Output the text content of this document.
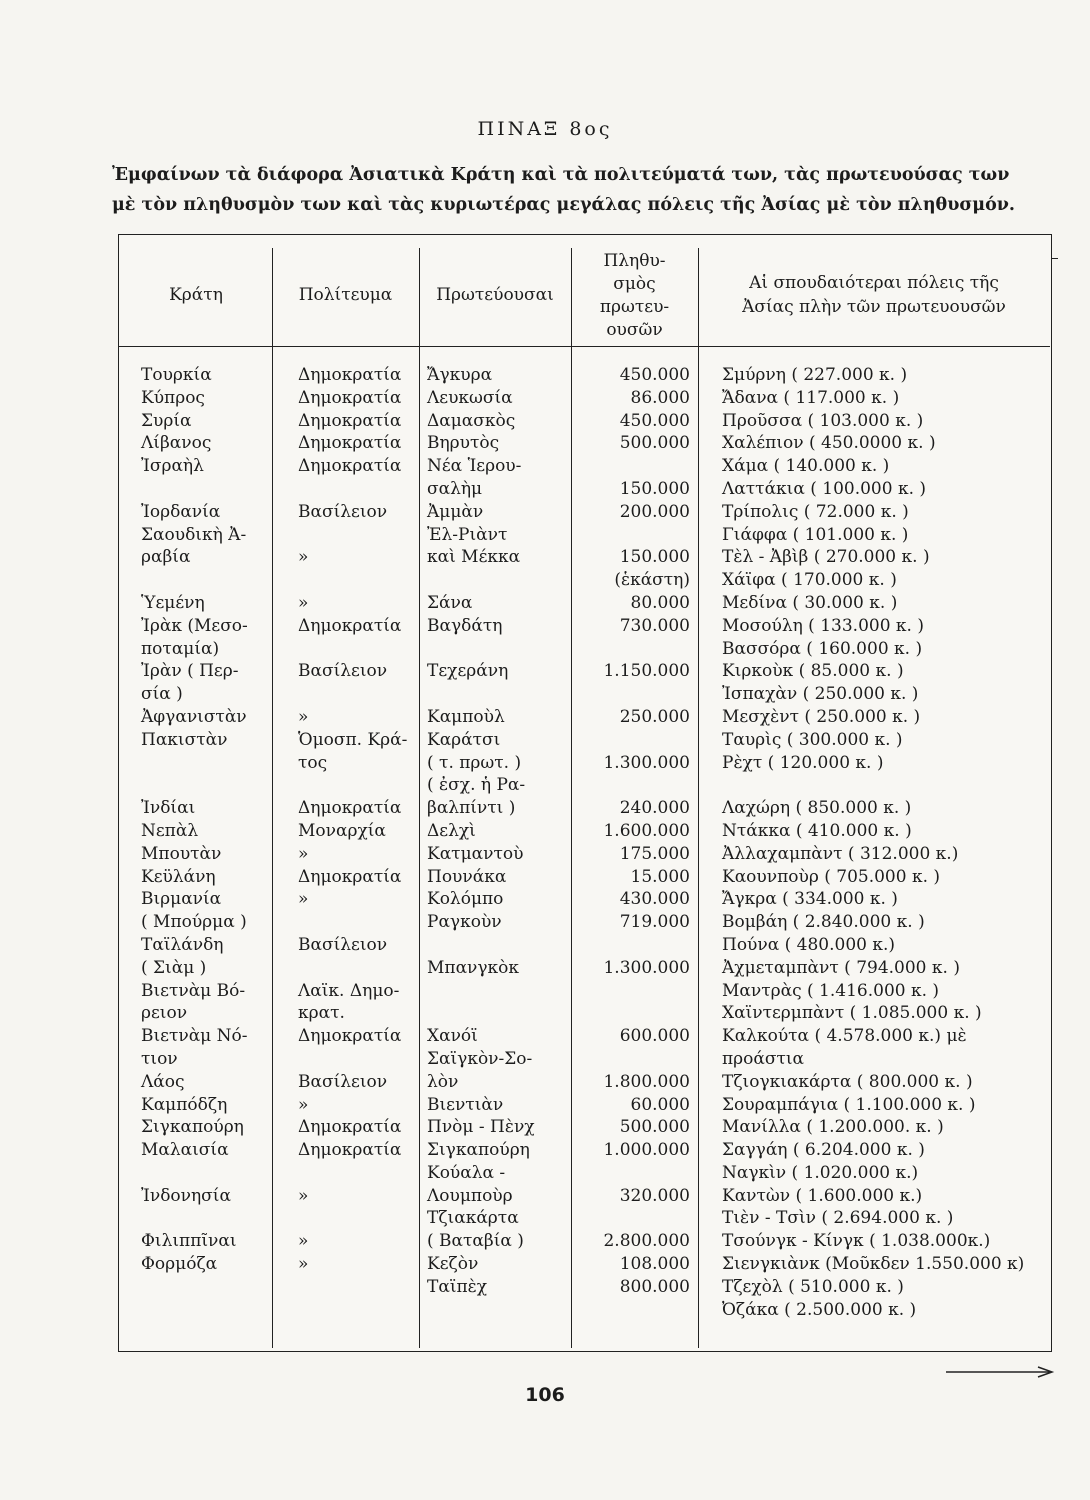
ΠΙΝΑΞ 8ος
Ἐμφαίνων τὰ διάφορα Ἀσιατικὰ Κράτη καὶ τὰ πολιτεύματά των, τὰς πρωτευούσας των
μὲ τὸν πληθυσμὸν των καὶ τὰς κυριωτέρας μεγάλας πόλεις τῆς Ἀσίας μὲ τὸν πληθυσμόν.
Κράτη	Πολίτευμα	Πρωτεύουσαι
Πληθυ-
σμὸς
πρωτευ-
ουσῶν
Αἱ σπουδαιότεραι πόλεις τῆς
Ἀσίας πλὴν τῶν πρωτευουσῶν
Τουρκία
Κύπρος
Συρία
Λίβανος
Ἰσραὴλ
Ἰορδανία
Σαουδικὴ Ἀ-
ραβία
Ὑεμένη
Ἰρὰκ (Μεσο-
ποταμία)
Ἰρὰν ( Περ-
σία )
Ἀφγανιστὰν
Πακιστὰν
Ἰνδίαι
Νεπὰλ
Μπουτὰν
Κεϋλάνη
Βιρμανία
( Μπούρμα )
Ταϊλάνδη
( Σιὰμ )
Βιετνὰμ Βό-
ρειον
Βιετνὰμ Νό-
τιον
Λάος
Καμπόδζη
Σιγκαπούρη
Μαλαισία
Ἰνδονησία
Φιλιππῖναι
Φορμόζα
Δημοκρατία
Δημοκρατία
Δημοκρατία
Δημοκρατία
Δημοκρατία
Βασίλειον
»
»
Δημοκρατία
Βασίλειον
»
Ὁμοσπ. Κρά-
τος
Δημοκρατία
Μοναρχία
»
Δημοκρατία
»
Βασίλειον
Λαϊκ. Δημο-
κρατ.
Δημοκρατία
Βασίλειον
»
Δημοκρατία
Δημοκρατία
»
»
»
Ἄγκυρα
Λευκωσία
Δαμασκὸς
Βηρυτὸς
Νέα Ἱερου-
σαλὴμ
Ἀμμὰν
Ἐλ-Ριὰντ
καὶ Μέκκα
Σάνα
Βαγδάτη
Τεχεράνη
Καμποὺλ
Καράτσι
( τ. πρωτ. )
( ἐσχ. ἡ Ρα-
βαλπίντι )
Δελχὶ
Κατμαντοὺ
Πουνάκα
Κολόμπο
Ραγκοὺν
Μπανγκὸκ
Χανόϊ
Σαϊγκὸν-Σο-
λὸν
Βιεντιὰν
Πνὸμ - Πὲνχ
Σιγκαπούρη
Κούαλα -
Λουμποὺρ
Τζιακάρτα
( Βαταβία )
Κεζὸν
Ταϊπὲχ
450.000
86.000
450.000
500.000
150.000
200.000
150.000
(ἑκάστη)
80.000
730.000
1.150.000
250.000
1.300.000
240.000
1.600.000
175.000
15.000
430.000
719.000
1.300.000
600.000
1.800.000
60.000
500.000
1.000.000
320.000
2.800.000
108.000
800.000
Σμύρνη ( 227.000 κ. )
Ἄδανα ( 117.000 κ. )
Προῦσσα ( 103.000 κ. )
Χαλέπιον ( 450.0000 κ. )
Χάμα ( 140.000 κ. )
Λαττάκια ( 100.000 κ. )
Τρίπολις ( 72.000 κ. )
Γιάφφα ( 101.000 κ. )
Τὲλ - Ἀβὶβ ( 270.000 κ. )
Χάϊφα ( 170.000 κ. )
Μεδίνα ( 30.000 κ. )
Μοσούλη ( 133.000 κ. )
Βασσόρα ( 160.000 κ. )
Κιρκοὺκ ( 85.000 κ. )
Ἰσπαχὰν ( 250.000 κ. )
Μεσχὲντ ( 250.000 κ. )
Ταυρὶς ( 300.000 κ. )
Ρὲχτ ( 120.000 κ. )
Λαχώρη ( 850.000 κ. )
Ντάκκα ( 410.000 κ. )
Ἀλλαχαμπὰντ ( 312.000 κ.)
Καουνποὺρ ( 705.000 κ. )
Ἄγκρα ( 334.000 κ. )
Βομβάη ( 2.840.000 κ. )
Πούνα ( 480.000 κ.)
Ἀχμεταμπὰντ ( 794.000 κ. )
Μαντρὰς ( 1.416.000 κ. )
Χαϊντερμπὰντ ( 1.085.000 κ. )
Καλκούτα ( 4.578.000 κ.) μὲ
προάστια
Τζιογκιακάρτα ( 800.000 κ. )
Σουραμπάγια ( 1.100.000 κ. )
Μανίλλα ( 1.200.000. κ. )
Σαγγάη ( 6.204.000 κ. )
Ναγκὶν ( 1.020.000 κ.)
Καντὼν ( 1.600.000 κ.)
Τιὲν - Τσὶν ( 2.694.000 κ. )
Τσούνγκ - Κίνγκ ( 1.038.000κ.)
Σιενγκιὰνκ (Μοῦκδεν 1.550.000 κ)
Τζεχὸλ ( 510.000 κ. )
Ὀζάκα ( 2.500.000 κ. )
106
